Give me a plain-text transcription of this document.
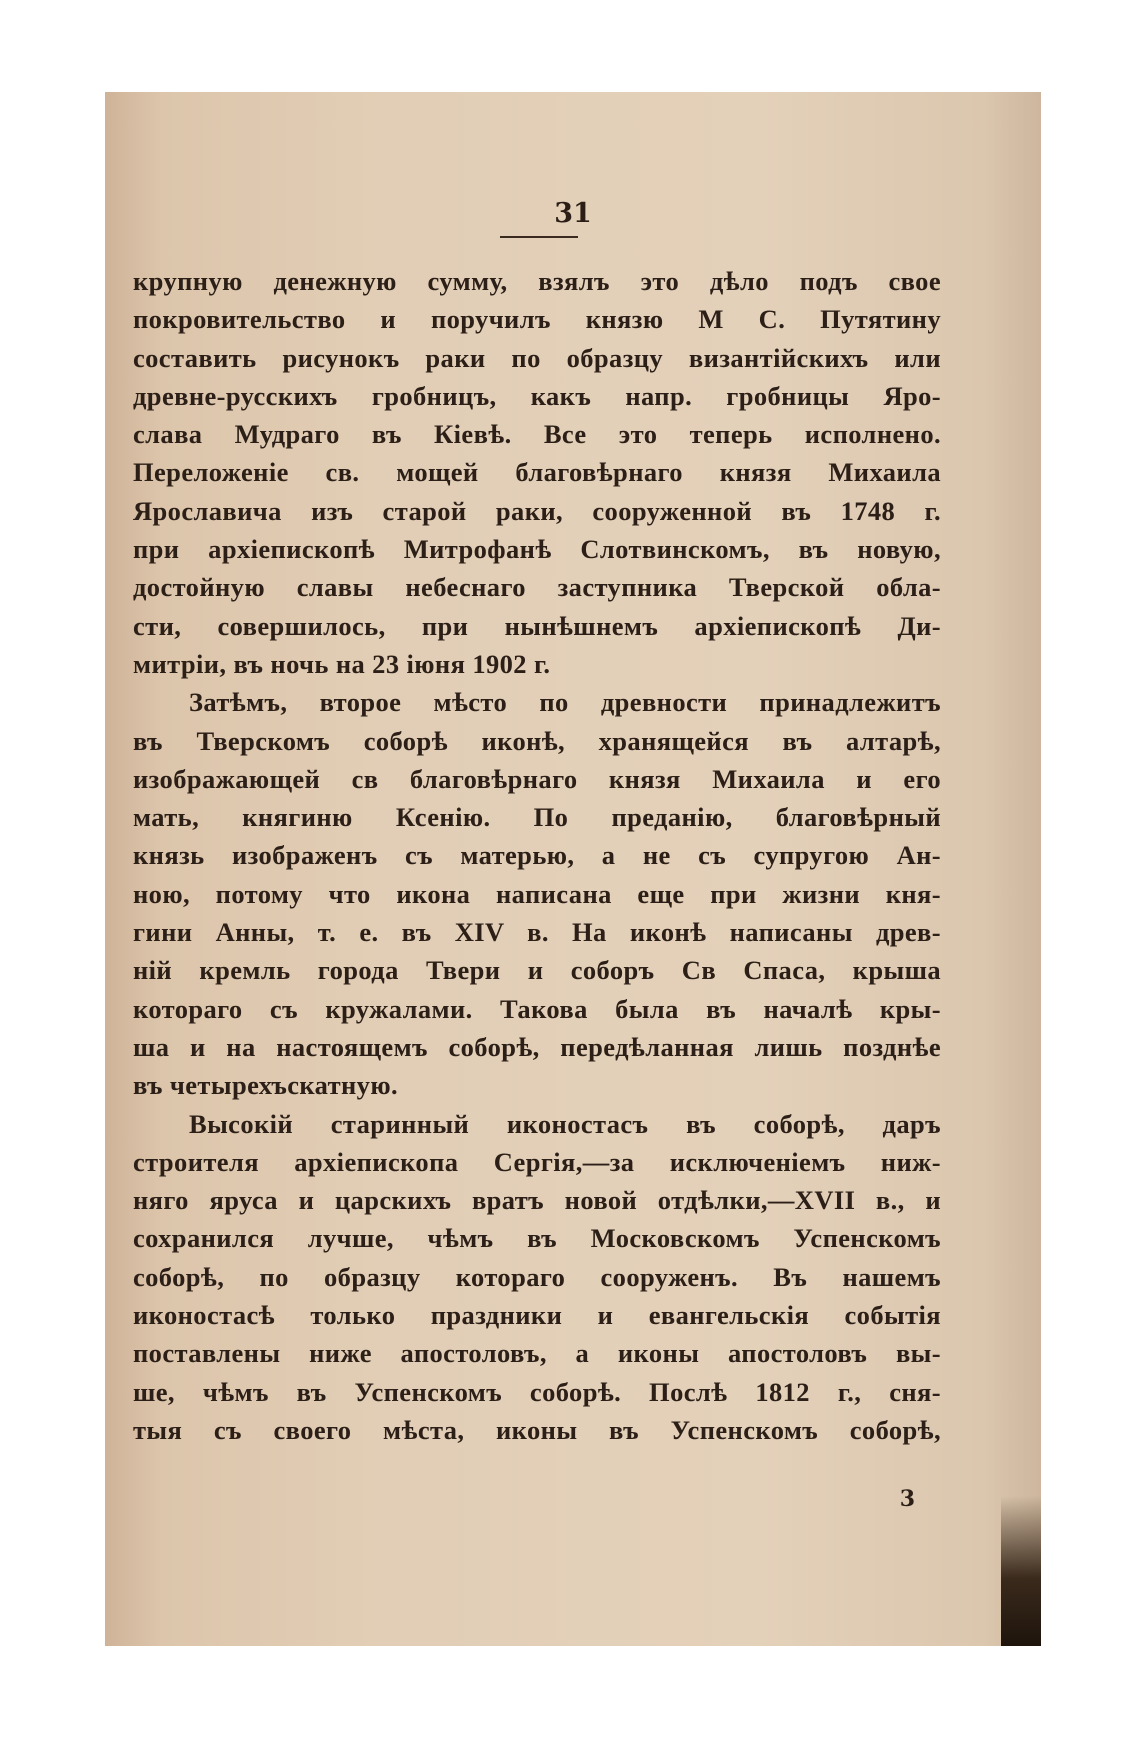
31
крупную денежную сумму, взялъ это дѣло подъ свое
покровительство и поручилъ князю М С. Путятину
составить рисунокъ раки по образцу византійскихъ или
древне-русскихъ гробницъ, какъ напр. гробницы Яро-
слава Мудраго въ Кіевѣ. Все это теперь исполнено.
Переложеніе св. мощей благовѣрнаго князя Михаила
Ярославича изъ старой раки, сооруженной въ 1748 г.
при архіепископѣ Митрофанѣ Слотвинскомъ, въ новую,
достойную славы небеснаго заступника Тверской обла-
сти, совершилось, при нынѣшнемъ архіепископѣ Ди-
митріи, въ ночь на 23 іюня 1902 г.
Затѣмъ, второе мѣсто по древности принадлежитъ
въ Тверскомъ соборѣ иконѣ, хранящейся въ алтарѣ,
изображающей св благовѣрнаго князя Михаила и его
мать, княгиню Ксенію. По преданію, благовѣрный
князь изображенъ съ матерью, а не съ супругою Ан-
ною, потому что икона написана еще при жизни кня-
гини Анны, т. е. въ XIV в. На иконѣ написаны древ-
ній кремль города Твери и соборъ Св Спаса, крыша
котораго съ кружалами. Такова была въ началѣ кры-
ша и на настоящемъ соборѣ, передѣланная лишь позднѣе
въ четырехъскатную.
Высокій старинный иконостасъ въ соборѣ, даръ
строителя архіепископа Сергія,—за исключеніемъ ниж-
няго яруса и царскихъ вратъ новой отдѣлки,—XVII в., и
сохранился лучше, чѣмъ въ Московскомъ Успенскомъ
соборѣ, по образцу котораго сооруженъ. Въ нашемъ
иконостасѣ только праздники и евангельскія событія
поставлены ниже апостоловъ, а иконы апостоловъ вы-
ше, чѣмъ въ Успенскомъ соборѣ. Послѣ 1812 г., сня-
тыя съ своего мѣста, иконы въ Успенскомъ соборѣ,
3
